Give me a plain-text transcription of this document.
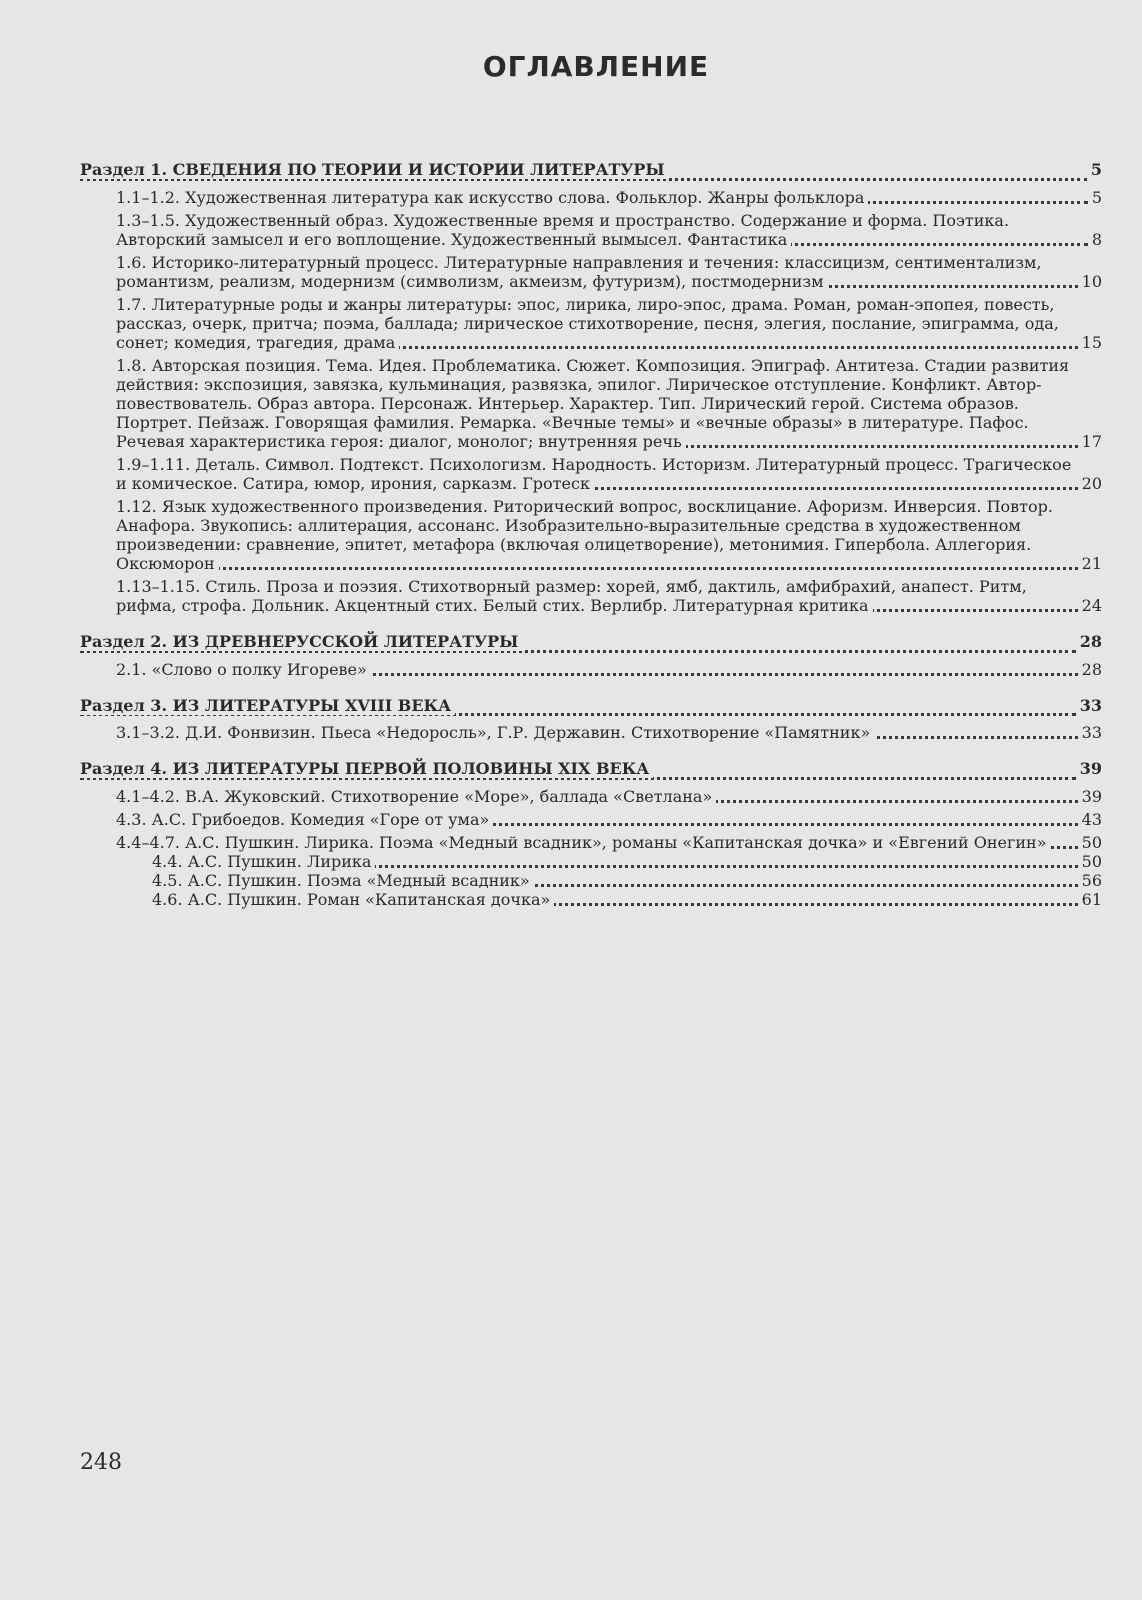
ОГЛАВЛЕНИЕ
Раздел 1. СВЕДЕНИЯ ПО ТЕОРИИ И ИСТОРИИ ЛИТЕРАТУРЫ	5
1.1–1.2. Художественная литература как искусство слова. Фольклор. Жанры фольклора	5
1.3–1.5. Художественный образ. Художественные время и пространство. Содержание и форма. Поэтика. Авторский замысел и его воплощение. Художественный вымысел. Фантастика	8
1.6. Историко-литературный процесс. Литературные направления и течения: классицизм, сентиментализм, романтизм, реализм, модернизм (символизм, акмеизм, футуризм), постмодернизм	10
1.7. Литературные роды и жанры литературы: эпос, лирика, лиро-эпос, драма. Роман, роман-эпопея, повесть, рассказ, очерк, притча; поэма, баллада; лирическое стихотворение, песня, элегия, послание, эпиграмма, ода, сонет; комедия, трагедия, драма	15
1.8. Авторская позиция. Тема. Идея. Проблематика. Сюжет. Композиция. Эпиграф. Антитеза. Стадии развития действия: экспозиция, завязка, кульминация, развязка, эпилог. Лирическое отступление. Конфликт. Автор-повествователь. Образ автора. Персонаж. Интерьер. Характер. Тип. Лирический герой. Система образов. Портрет. Пейзаж. Говорящая фамилия. Ремарка. «Вечные темы» и «вечные образы» в литературе. Пафос. Речевая характеристика героя: диалог, монолог; внутренняя речь	17
1.9–1.11. Деталь. Символ. Подтекст. Психологизм. Народность. Историзм. Литературный процесс. Трагическое и комическое. Сатира, юмор, ирония, сарказм. Гротеск	20
1.12. Язык художественного произведения. Риторический вопрос, восклицание. Афоризм. Инверсия. Повтор. Анафора. Звукопись: аллитерация, ассонанс. Изобразительно-выразительные средства в художественном произведении: сравнение, эпитет, метафора (включая олицетворение), метонимия. Гипербола. Аллегория. Оксюморон	21
1.13–1.15. Стиль. Проза и поэзия. Стихотворный размер: хорей, ямб, дактиль, амфибрахий, анапест. Ритм, рифма, строфа. Дольник. Акцентный стих. Белый стих. Верлибр. Литературная критика	24
Раздел 2. ИЗ ДРЕВНЕРУССКОЙ ЛИТЕРАТУРЫ	28
2.1. «Слово о полку Игореве»	28
Раздел 3. ИЗ ЛИТЕРАТУРЫ XVIII ВЕКА	33
3.1–3.2. Д.И. Фонвизин. Пьеса «Недоросль», Г.Р. Державин. Стихотворение «Памятник»	33
Раздел 4. ИЗ ЛИТЕРАТУРЫ ПЕРВОЙ ПОЛОВИНЫ XIX ВЕКА	39
4.1–4.2. В.А. Жуковский. Стихотворение «Море», баллада «Светлана»	39
4.3. А.С. Грибоедов. Комедия «Горе от ума»	43
4.4–4.7. А.С. Пушкин. Лирика. Поэма «Медный всадник», романы «Капитанская дочка» и «Евгений Онегин»	50
4.4. А.С. Пушкин. Лирика	50
4.5. А.С. Пушкин. Поэма «Медный всадник»	56
4.6. А.С. Пушкин. Роман «Капитанская дочка»	61
248
